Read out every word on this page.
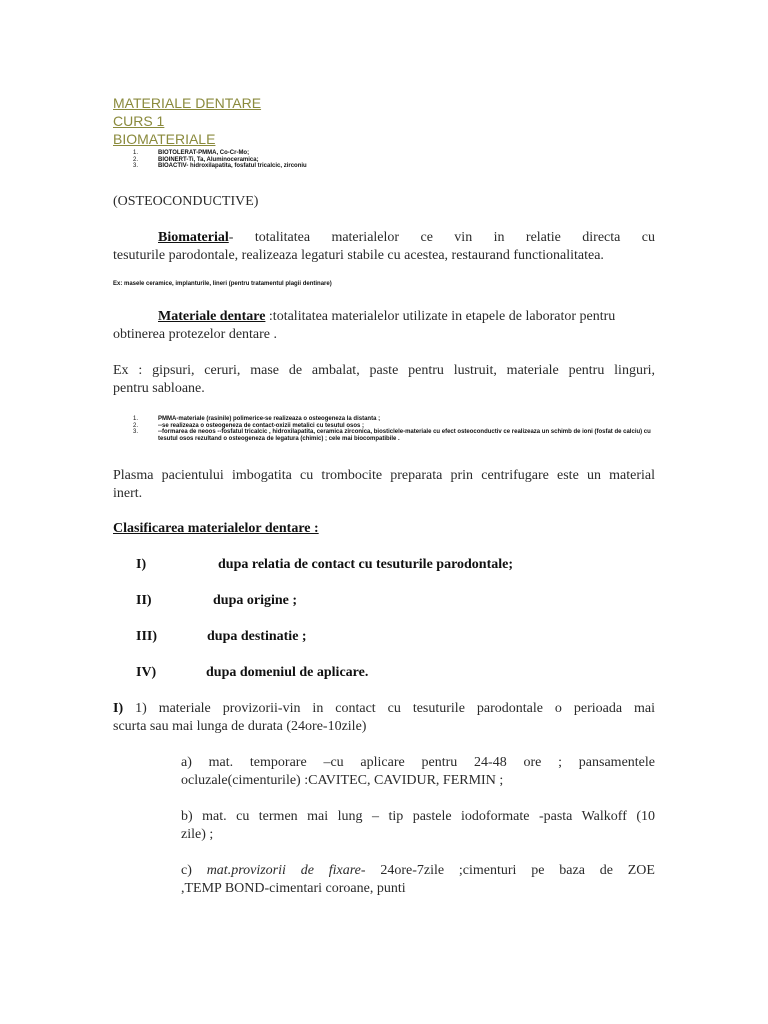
MATERIALE DENTARE
CURS 1
BIOMATERIALE
1.	BIOTOLERAT-PMMA, Co-Cr-Mo;
2.	BIOINERT-Ti, Ta, Aluminoceramica;
3.	BIOACTIV- hidroxilapatita, fosfatul tricalcic, zirconiu
(OSTEOCONDUCTIVE)
Biomaterial- totalitatea materialelor ce vin in relatie directa cu
tesuturile parodontale, realizeaza legaturi stabile cu acestea, restaurand functionalitatea.
Ex: masele ceramice, implanturile, lineri (pentru tratamentul plagii dentinare)
Materiale dentare :totalitatea materialelor utilizate in etapele de laborator pentru
obtinerea protezelor dentare .
Ex : gipsuri, ceruri, mase de ambalat, paste pentru lustruit, materiale pentru linguri,
pentru sabloane.
1.	PMMA-materiale (rasinile) polimerice-se realizeaza o osteogeneza la distanta ;
2.	--se realizeaza o osteogeneza de contact-oxizii metalici cu tesutul osos ;
3.	--formarea de neoos --fosfatul tricalcic , hidroxilapatita, ceramica zirconica, biosticlele-materiale cu efect osteoconductiv ce realizeaza un schimb de ioni (fosfat de calciu) cu tesutul osos rezultand o osteogeneza de legatura (chimic) ; cele mai biocompatibile .
Plasma pacientului imbogatita cu trombocite preparata prin centrifugare este un material
inert.
Clasificarea materialelor dentare :
I)	dupa relatia de contact cu tesuturile parodontale;
II)	dupa origine ;
III)	dupa destinatie ;
IV)	dupa domeniul de aplicare.
I) 1) materiale provizorii-vin in contact cu tesuturile parodontale o perioada mai
scurta sau mai lunga de durata (24ore-10zile)
a) mat. temporare –cu aplicare pentru 24-48 ore ; pansamentele
ocluzale(cimenturile) :CAVITEC, CAVIDUR, FERMIN ;
b) mat. cu termen mai lung – tip pastele iodoformate -pasta Walkoff (10
zile) ;
c) mat.provizorii de fixare- 24ore-7zile ;cimenturi pe baza de ZOE
,TEMP BOND-cimentari coroane, punti
